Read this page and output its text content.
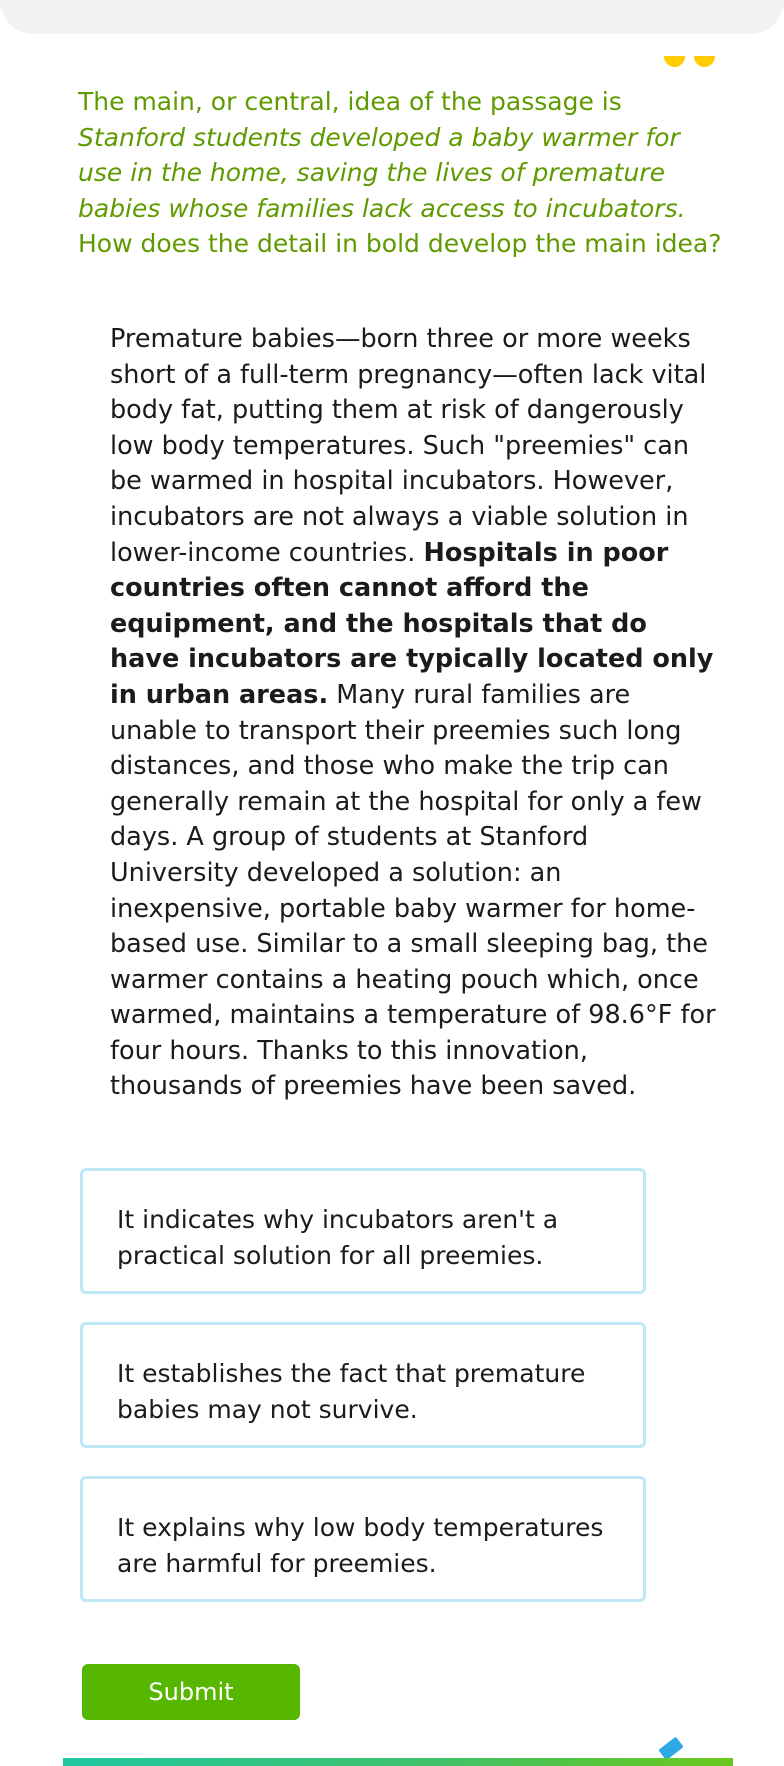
The main, or central, idea of the passage is Stanford students developed a baby warmer for use in the home, saving the lives of premature babies whose families lack access to incubators. How does the detail in bold develop the main idea?

Premature babies—born three or more weeks short of a full-term pregnancy—often lack vital body fat, putting them at risk of dangerously low body temperatures. Such "preemies" can be warmed in hospital incubators. However, incubators are not always a viable solution in lower-income countries. Hospitals in poor countries often cannot afford the equipment, and the hospitals that do have incubators are typically located only in urban areas. Many rural families are unable to transport their preemies such long distances, and those who make the trip can generally remain at the hospital for only a few days. A group of students at Stanford University developed a solution: an inexpensive, portable baby warmer for home-based use. Similar to a small sleeping bag, the warmer contains a heating pouch which, once warmed, maintains a temperature of 98.6°F for four hours. Thanks to this innovation, thousands of preemies have been saved.

It indicates why incubators aren't a practical solution for all preemies.
It establishes the fact that premature babies may not survive.
It explains why low body temperatures are harmful for preemies.
Submit
